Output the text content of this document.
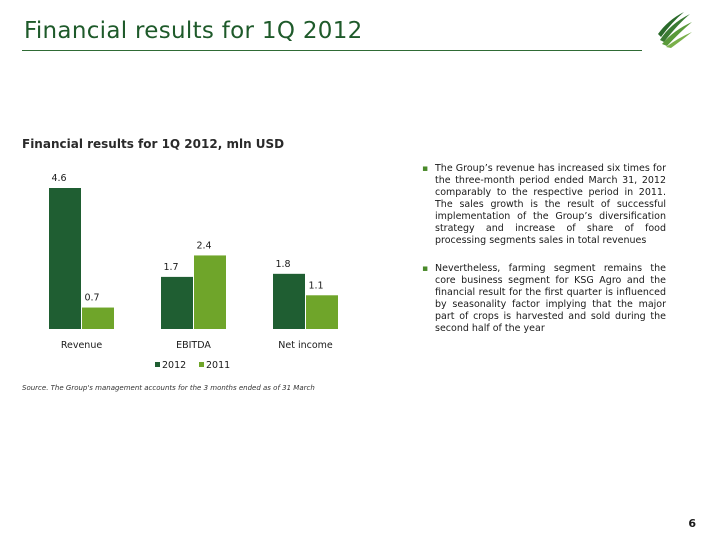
Financial results for 1Q 2012
Financial results for 1Q 2012, mln USD
4.6
0.7
Revenue
1.7
2.4
EBITDA
1.8
1.1
Net income
2012 2011
▪ The Group’s revenue has increased six times for the three-month period ended March 31, 2012 comparably to the respective period in 2011. The sales growth is the result of successful implementation of the Group’s diversification strategy and increase of share of food processing segments sales in total revenues
▪ Nevertheless, farming segment remains the core business segment for KSG Agro and the financial result for the first quarter is influenced by seasonality factor implying that the major part of crops is harvested and sold during the second half of the year
Source. The Group's management accounts for the 3 months ended as of 31 March
6
